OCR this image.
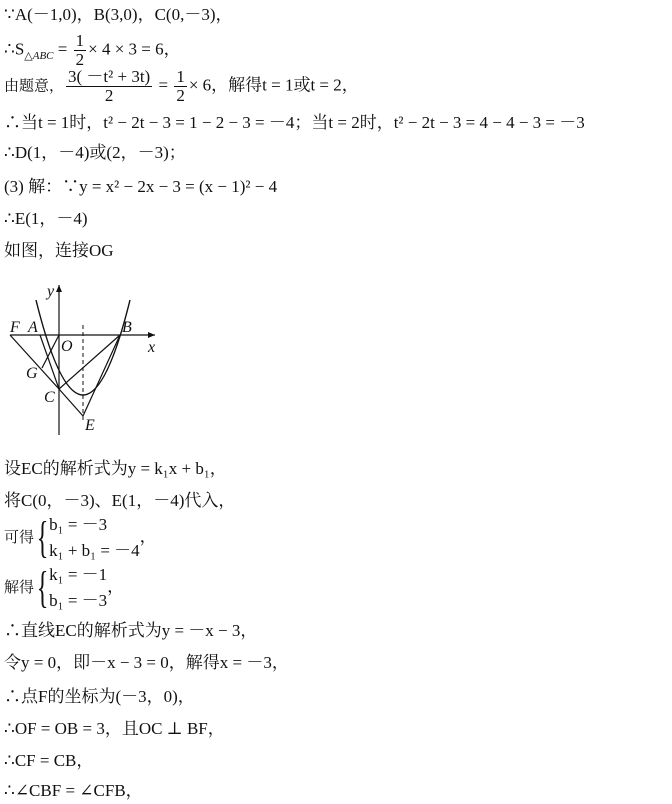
∵A(－1,0)，B(3,0)，C(0,－3)，
$\therefore S_{\triangle ABC} = \frac{1}{2} \times 4 \times 3 = 6$，
由题意， $\frac{\text{3( －t² + 3t)}}{2} = \frac{1}{2} \times 6$，解得t = 1或t = 2，
∴当t = 1时，t² − 2t − 3 = 1 − 2 − 3 = －4；当t = 2时，t² − 2t − 3 = 4 − 4 − 3 = －3
∴D(1，－4)或(2，－3)；
(3) 解：∵y = x² − 2x − 3 = (x − 1)² − 4
∴E(1，－4)
如图，连接OG
y
x
F A
O
B
G
C
E
设EC的解析式为y = k₁x + b₁，
将C(0，－3)、E(1，－4)代入，
可得{ b₁ = －3
k₁ + b₁ = －4
，
解得{ k₁ = －1
b₁ = －3
，
∴直线EC的解析式为y = －x − 3，
令y = 0，即－x − 3 = 0，解得x = －3，
∴点F的坐标为(－3，0)，
∴OF = OB = 3，且OC ⊥ BF，
∴CF = CB，
∴∠CBF = ∠CFB，
